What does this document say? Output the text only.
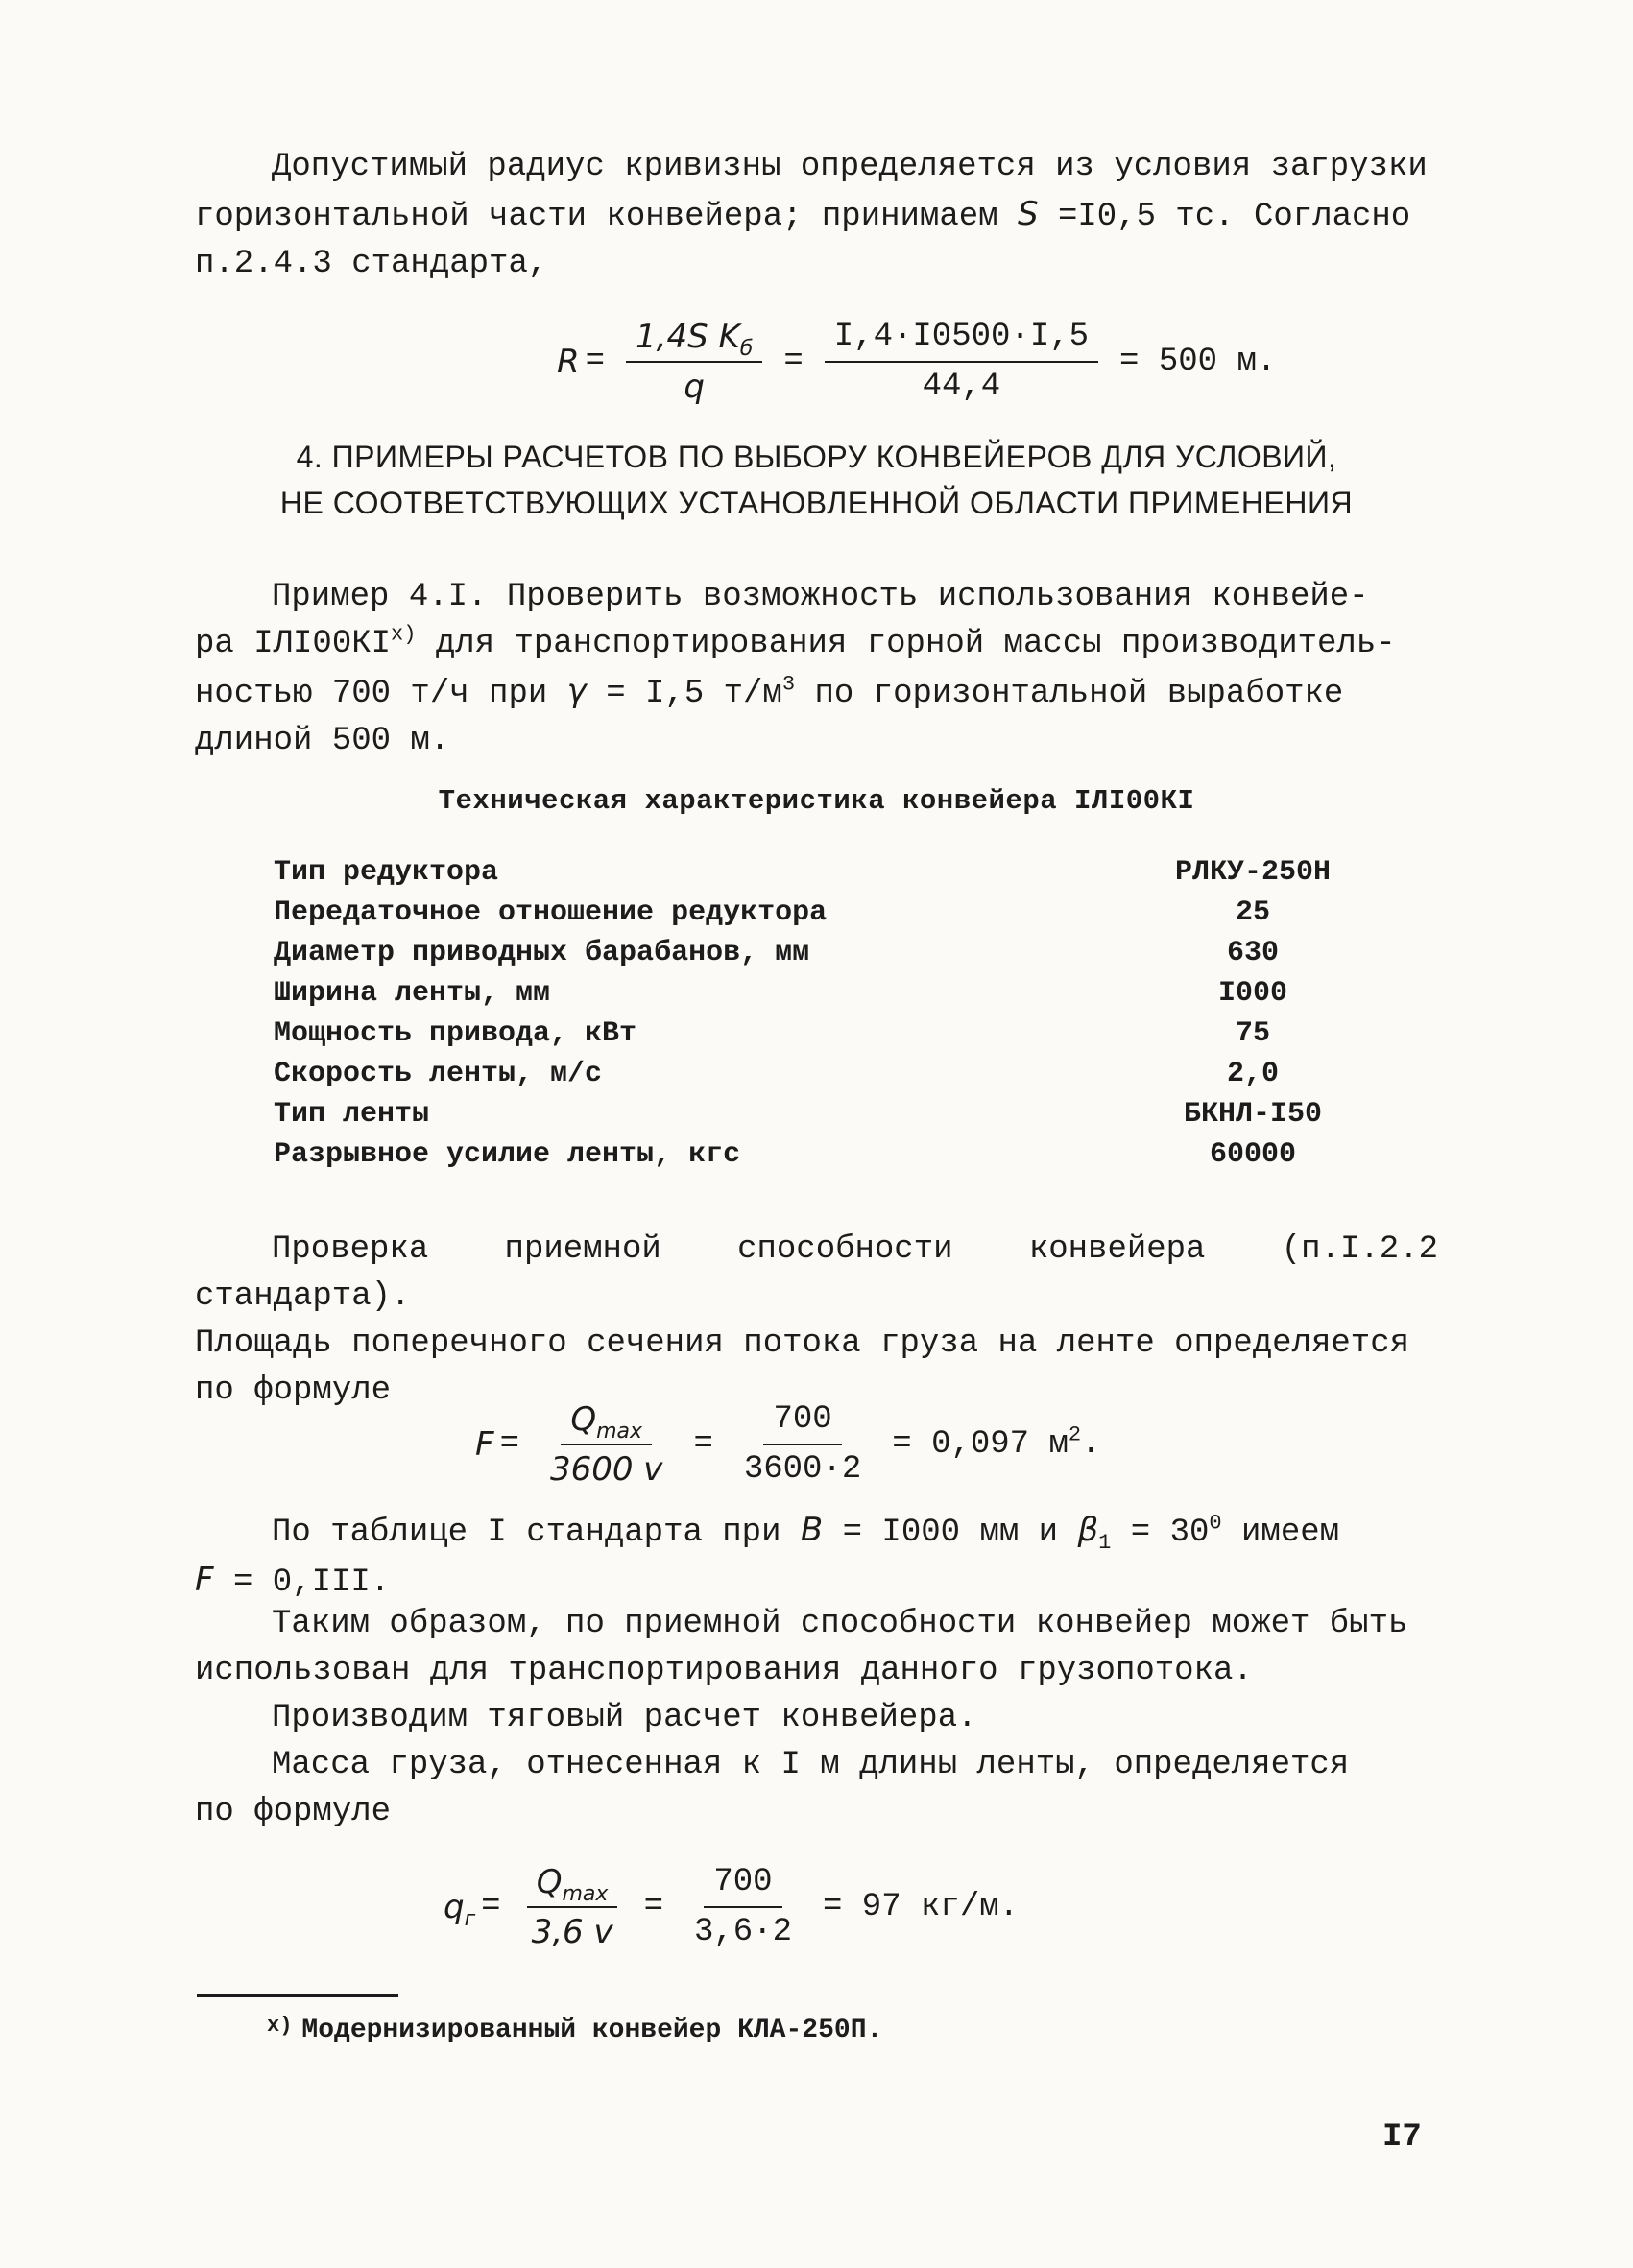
Допустимый радиус кривизны определяется из условия загрузки
горизонтальной части конвейера; принимаем S =I0,5 тс. Согласно
п.2.4.3 стандарта,
$R = \frac{1,4S K_б}{q} = \frac{I,4\cdot I0500\cdot I,5}{44,4} = 500$ м.
4. ПРИМЕРЫ РАСЧЕТОВ ПО ВЫБОРУ КОНВЕЙЕРОВ ДЛЯ УСЛОВИЙ,
НЕ СООТВЕТСТВУЮЩИХ УСТАНОВЛЕННОЙ ОБЛАСТИ ПРИМЕНЕНИЯ
Пример 4.I. Проверить возможность использования конвейе-
ра IЛI00КI$^{x)}$ для транспортирования горной массы производитель-
ностью 700 т/ч при γ = I,5 $т/м^3$ по горизонтальной выработке
длиной 500 м.
Техническая характеристика конвейера IЛI00КI
Тип редуктора	РЛКУ-250Н
Передаточное отношение редуктора	25
Диаметр приводных барабанов, мм	630
Ширина ленты, мм	I000
Мощность привода, кВт	75
Скорость ленты, м/с	2,0
Тип ленты	БКНЛ-I50
Разрывное усилие ленты, кгс	60000
Проверка приемной способности конвейера (п.I.2.2 стандарта).
Площадь поперечного сечения потока груза на ленте определяется
по формуле
$F = \frac{Q_{max}}{3600 v} = \frac{700}{3600\cdot 2} = 0,097$ $м^2$.
По таблице I стандарта при B = I000 мм и $\beta_1 = 30^0$ имеем
F = 0,III.
Таким образом, по приемной способности конвейер может быть
использован для транспортирования данного грузопотока.
Производим тяговый расчет конвейера.
Масса груза, отнесенная к I м длины ленты, определяется
по формуле
$q_г = \frac{Q_{max}}{3,6 v} = \frac{700}{3,6\cdot 2} = 97$ кг/м.
$^{x)}$ Модернизированный конвейер КЛА-250П.
I7
